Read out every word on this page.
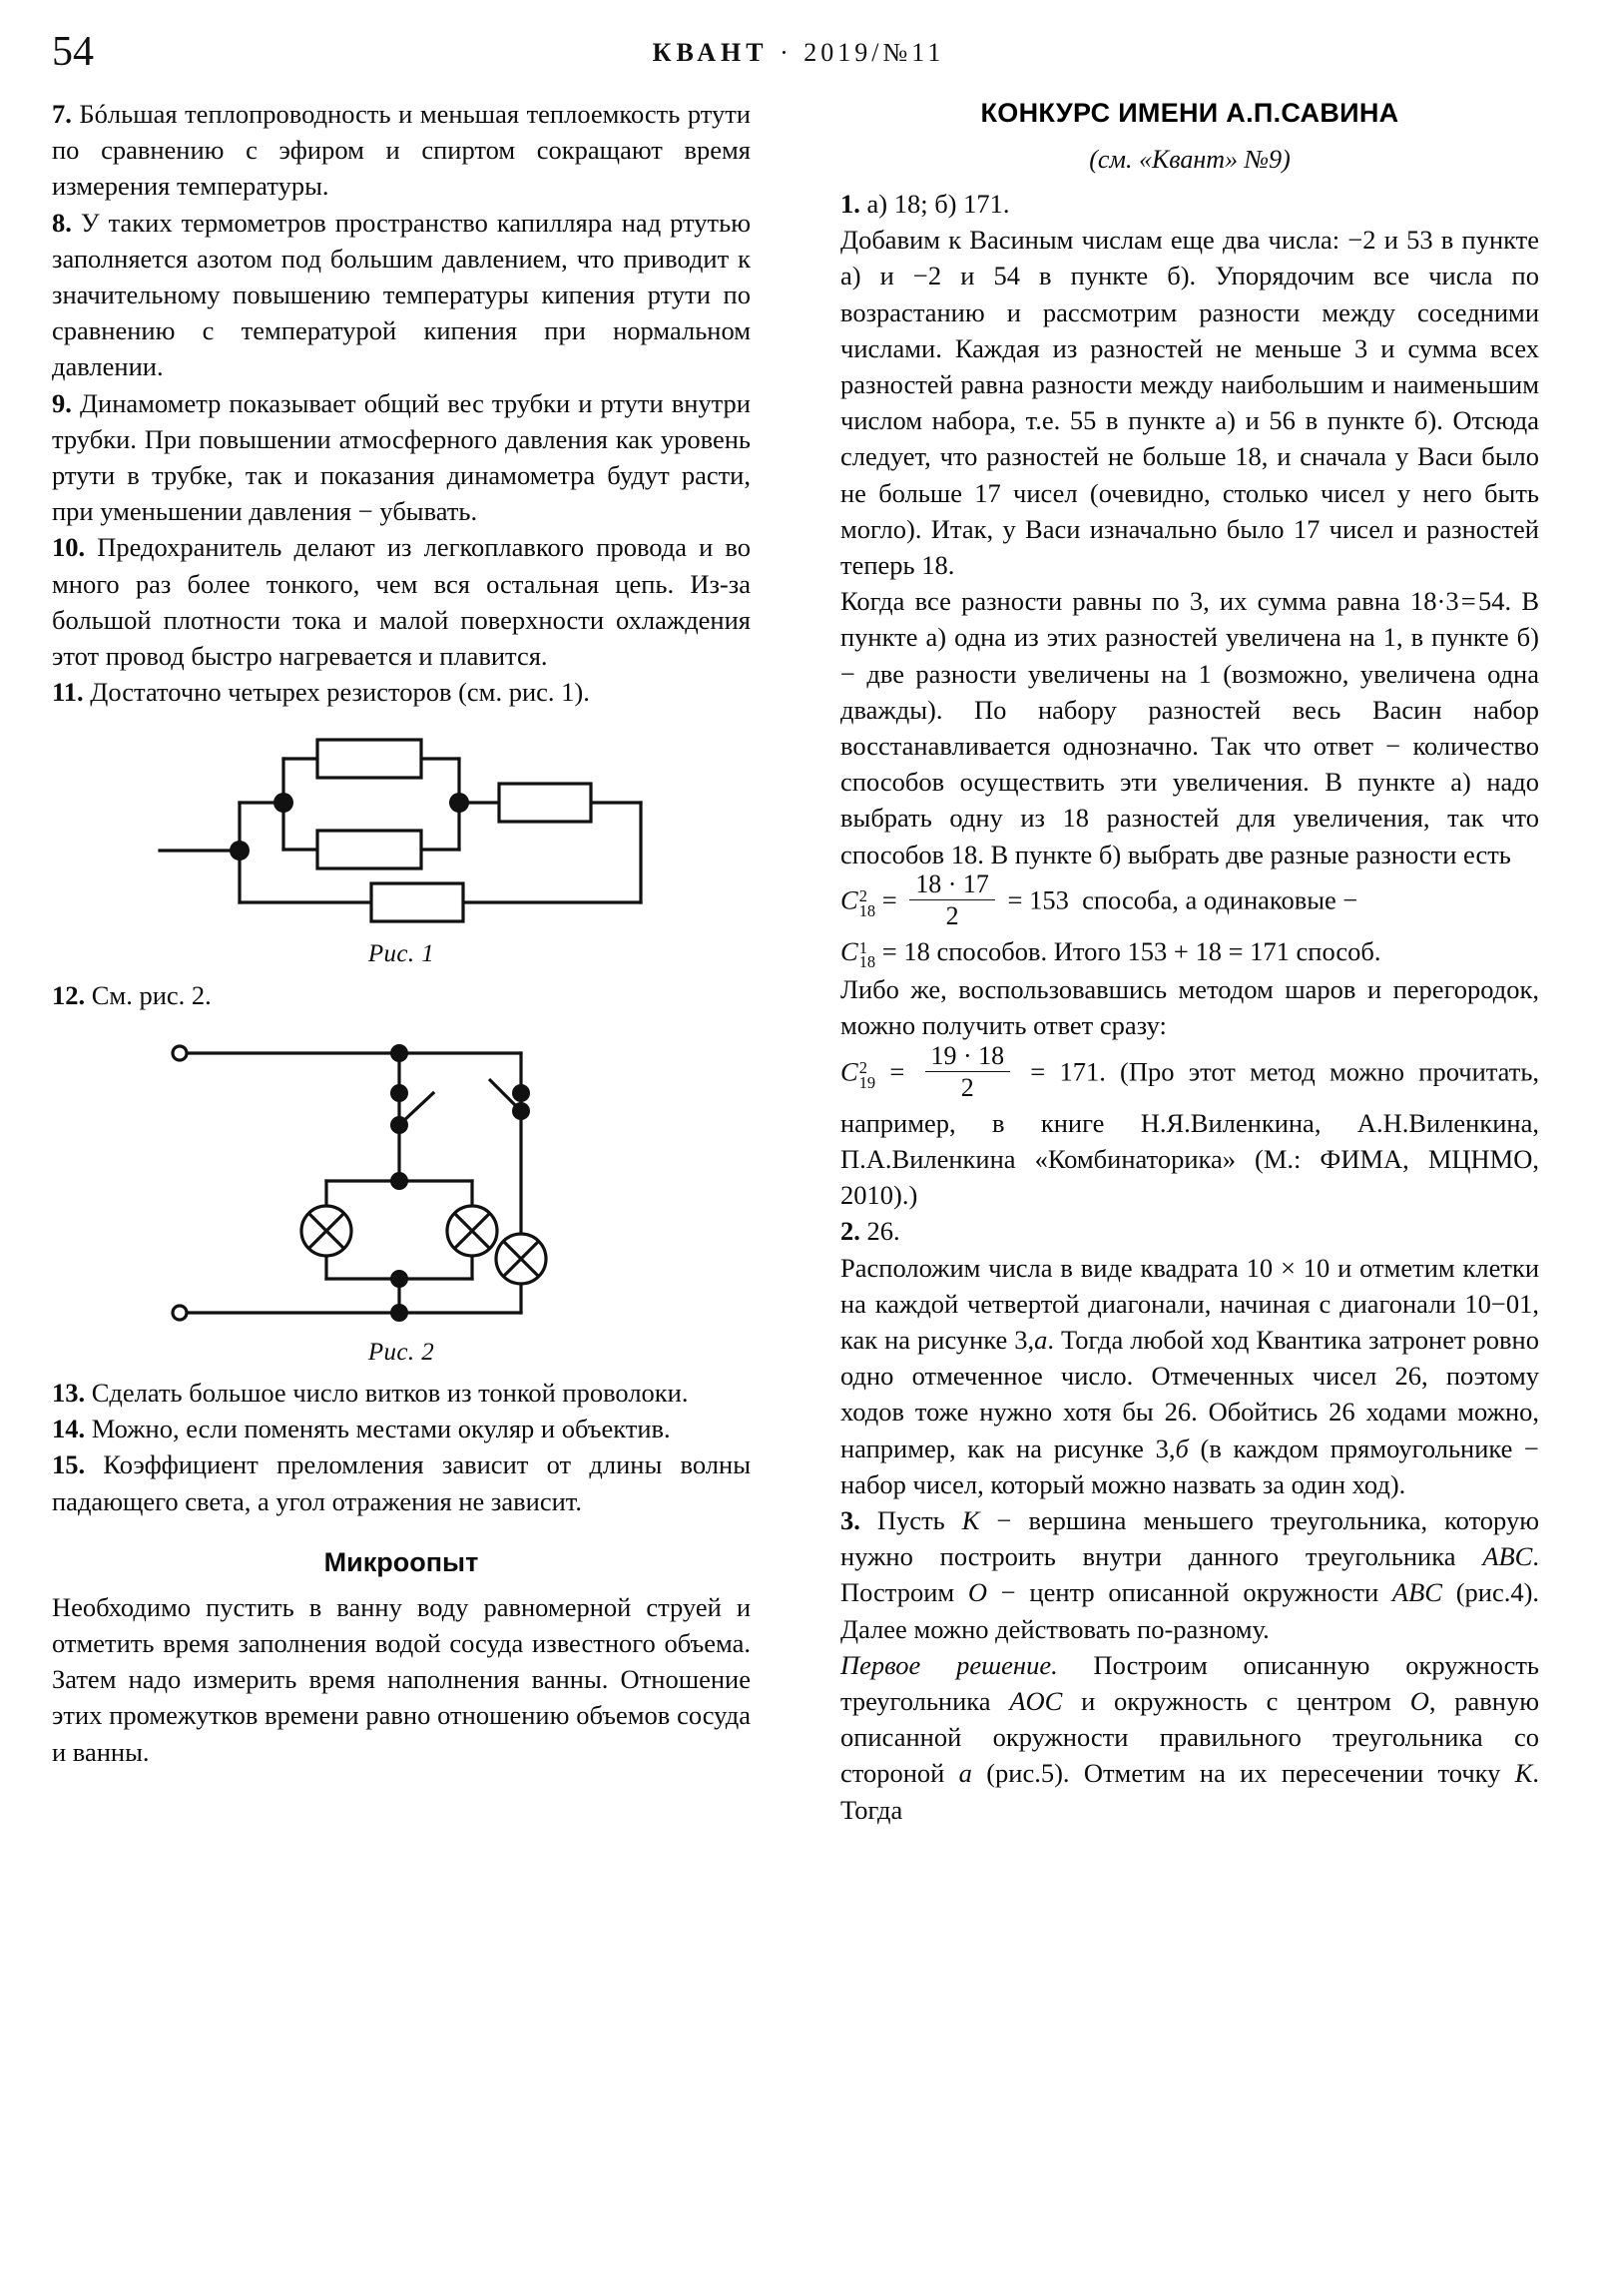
54	КВАНТ · 2019/№11

7. Бóльшая теплопроводность и меньшая теплоемкость ртути по сравнению с эфиром и спиртом сокращают время измерения температуры.

8. У таких термометров пространство капилляра над ртутью заполняется азотом под большим давлением, что приводит к значительному повышению температуры кипения ртути по сравнению с температурой кипения при нормальном давлении.

9. Динамометр показывает общий вес трубки и ртути внутри трубки. При повышении атмосферного давления как уровень ртути в трубке, так и показания динамометра будут расти, при уменьшении давления − убывать.

10. Предохранитель делают из легкоплавкого провода и во много раз более тонкого, чем вся остальная цепь. Из-за большой плотности тока и малой поверхности охлаждения этот провод быстро нагревается и плавится.

11. Достаточно четырех резисторов (см. рис. 1).

Рис. 1

12. См. рис. 2.

Рис. 2

13. Сделать большое число витков из тонкой проволоки.

14. Можно, если поменять местами окуляр и объектив.

15. Коэффициент преломления зависит от длины волны падающего света, а угол отражения не зависит.

Микроопыт

Необходимо пустить в ванну воду равномерной струей и отметить время заполнения водой сосуда известного объема. Затем надо измерить время наполнения ванны. Отношение этих промежутков времени равно отношению объемов сосуда и ванны.

КОНКУРС ИМЕНИ А.П.САВИНА
(см. «Квант» №9)

1. а) 18; б) 171.

Добавим к Васиным числам еще два числа: −2 и 53 в пункте а) и −2 и 54 в пункте б). Упорядочим все числа по возрастанию и рассмотрим разности между соседними числами. Каждая из разностей не меньше 3 и сумма всех разностей равна разности между наибольшим и наименьшим числом набора, т.е. 55 в пункте а) и 56 в пункте б). Отсюда следует, что разностей не больше 18, и сначала у Васи было не больше 17 чисел (очевидно, столько чисел у него быть могло). Итак, у Васи изначально было 17 чисел и разностей теперь 18.

Когда все разности равны по 3, их сумма равна 18·3 = 54. В пункте а) одна из этих разностей увеличена на 1, в пункте б) − две разности увеличены на 1 (возможно, увеличена одна дважды). По набору разностей весь Васин набор восстанавливается однозначно. Так что ответ − количество способов осуществить эти увеличения. В пункте а) надо выбрать одну из 18 разностей для увеличения, так что способов 18. В пункте б) выбрать две разные разности есть

C 2
$18 = \frac{18 \cdot 17}{2} = 153$ способа, а одинаковые −

C 1
18 = 18 способов. Итого 153 + 18 = 171 способ.

Либо же, воспользовавшись методом шаров и перегородок, можно получить ответ сразу:

C 2
$19 = \frac{19 \cdot 18}{2} = 171$. (Про этот метод можно прочитать, например, в книге Н.Я.Виленкина, А.Н.Виленкина, П.А.Виленкина «Комбинаторика» (М.: ФИМА, МЦНМО, 2010).)

2. 26.

Расположим числа в виде квадрата 10 × 10 и отметим клетки на каждой четвертой диагонали, начиная с диагонали 10−01, как на рисунке 3,а. Тогда любой ход Квантика затронет ровно одно отмеченное число. Отмеченных чисел 26, поэтому ходов тоже нужно хотя бы 26. Обойтись 26 ходами можно, например, как на рисунке 3,б (в каждом прямоугольнике − набор чисел, который можно назвать за один ход).

3. Пусть K − вершина меньшего треугольника, которую нужно построить внутри данного треугольника ABC. Построим O − центр описанной окружности ABC (рис.4). Далее можно действовать по-разному.

Первое решение. Построим описанную окружность треугольника AOC и окружность с центром O, равную описанной окружности правильного треугольника со стороной a (рис.5). Отметим на их пересечении точку K. Тогда
